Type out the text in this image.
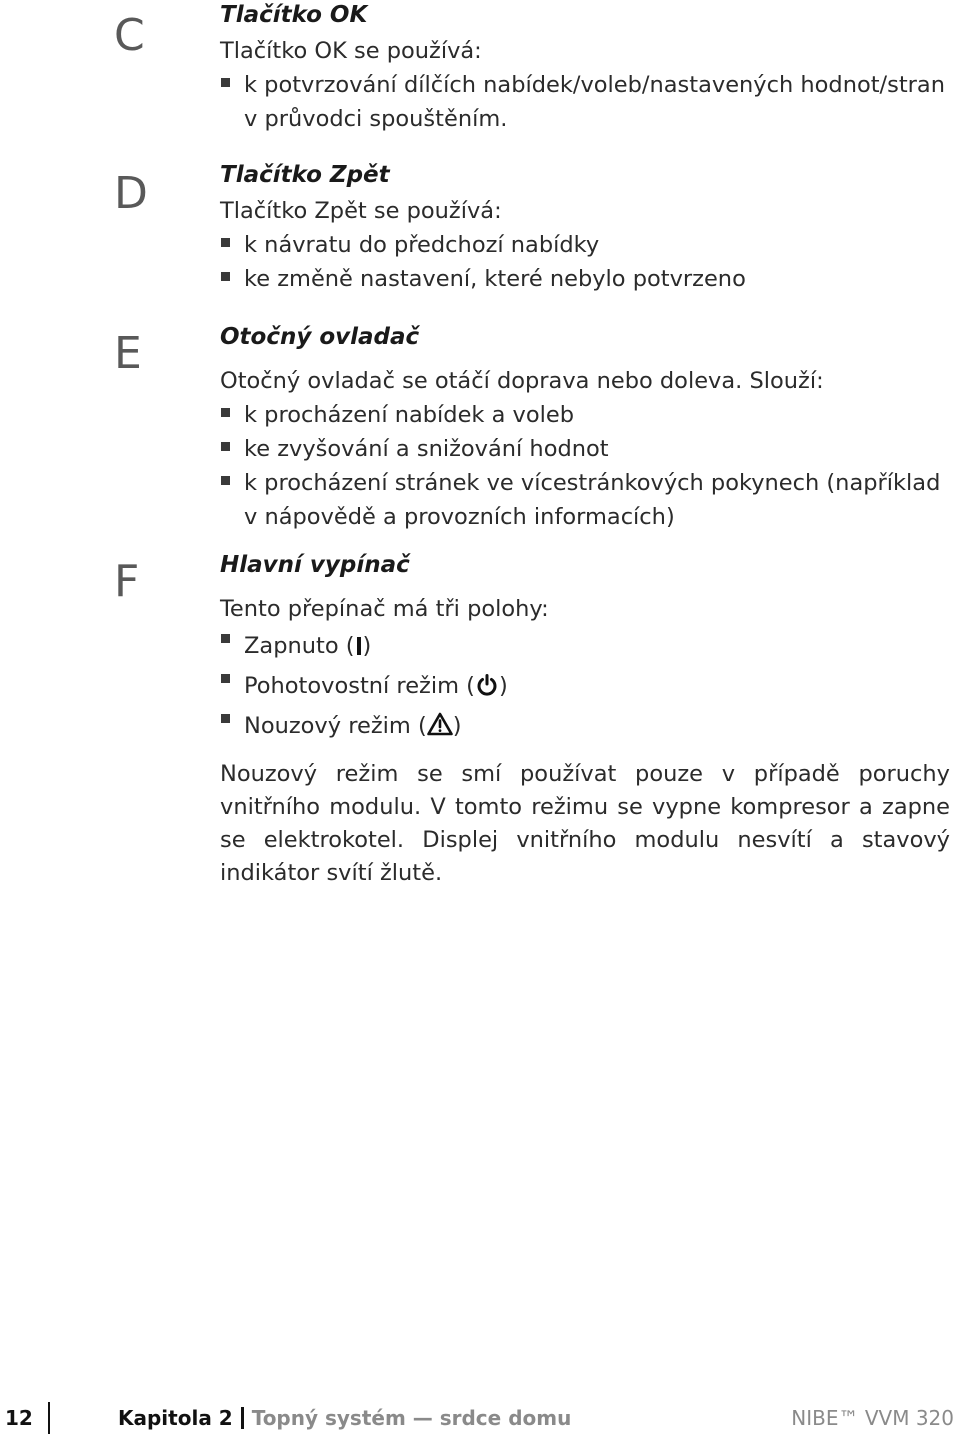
C
D
E
F
Tlačítko OK

Tlačítko OK se používá:

k potvrzování dílčích nabídek/voleb/nastavených hodnot/stran
v průvodci spouštěním.
Tlačítko Zpět

Tlačítko Zpět se používá:

k návratu do předchozí nabídky
ke změně nastavení, které nebylo potvrzeno
Otočný ovladač

Otočný ovladač se otáčí doprava nebo doleva. Slouží:

k procházení nabídek a voleb
ke zvyšování a snižování hodnot
k procházení stránek ve vícestránkových pokynech (například
v nápovědě a provozních informacích)
Hlavní vypínač

Tento přepínač má tři polohy:

Zapnuto ( )
Pohotovostní režim ( )
Nouzový režim ( )

Nouzový režim se smí používat pouze v případě poruchy vnitřního modulu. V tomto režimu se vypne kompresor a zapne se elektrokotel. Displej vnitřního modulu nesvítí a stavový indikátor svítí žlutě.

12	Kapitola 2 Topný systém — srdce domu	NIBE™ VVM 320
